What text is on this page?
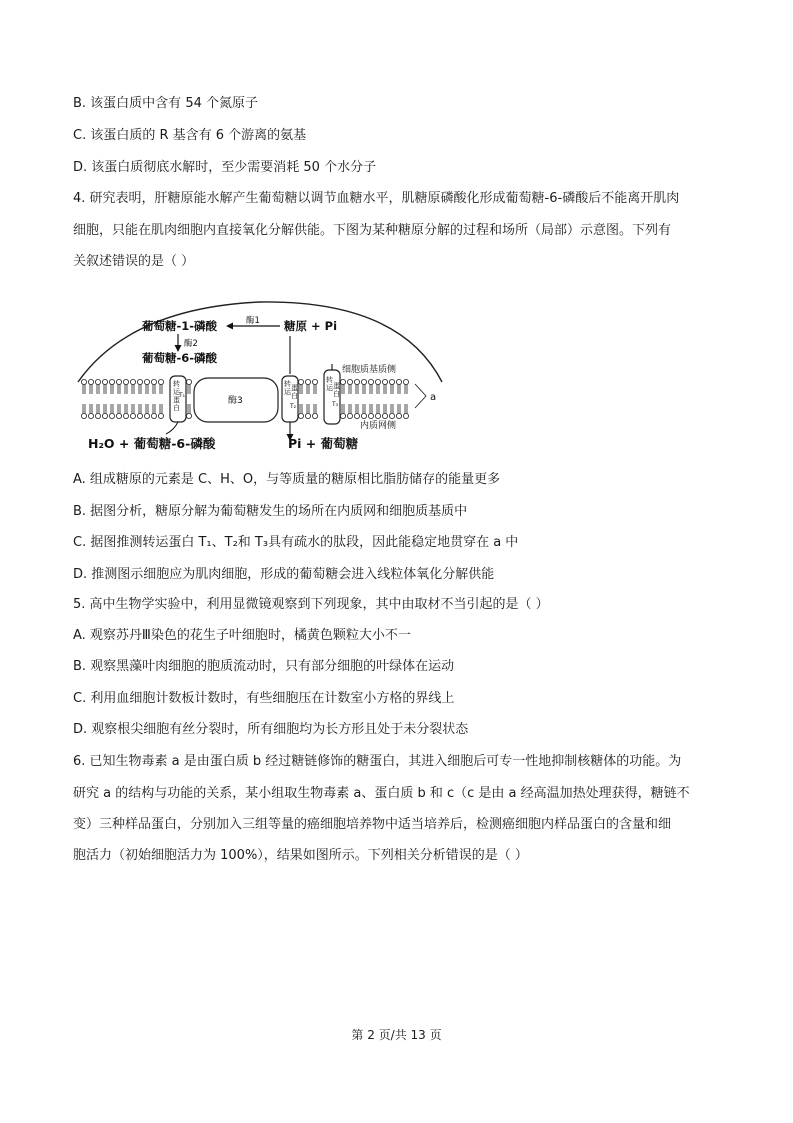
B. 该蛋白质中含有 54 个氮原子
C. 该蛋白质的 R 基含有 6 个游离的氨基
D. 该蛋白质彻底水解时，至少需要消耗 50 个水分子
4. 研究表明，肝糖原能水解产生葡萄糖以调节血糖水平，肌糖原磷酸化形成葡萄糖-6-磷酸后不能离开肌肉
细胞，只能在肌肉细胞内直接氧化分解供能。下图为某种糖原分解的过程和场所（局部）示意图。下列有
关叙述错误的是（ ）
葡萄糖-1-磷酸	酶1 糖原 + Pi
酶2
葡萄糖-6-磷酸
转
运
蛋
白
T₁
酶3
转
运 蛋
白
T₂
转
运 蛋
白
T₃
细胞质基质侧
内质网侧
a
H₂O + 葡萄糖-6-磷酸	Pi + 葡萄糖
A. 组成糖原的元素是 C、H、O，与等质量的糖原相比脂肪储存的能量更多
B. 据图分析，糖原分解为葡萄糖发生的场所在内质网和细胞质基质中
C. 据图推测转运蛋白 T₁、T₂和 T₃具有疏水的肽段，因此能稳定地贯穿在 a 中
D. 推测图示细胞应为肌肉细胞，形成的葡萄糖会进入线粒体氧化分解供能
5. 高中生物学实验中，利用显微镜观察到下列现象，其中由取材不当引起的是（ ）
A. 观察苏丹Ⅲ染色的花生子叶细胞时，橘黄色颗粒大小不一
B. 观察黑藻叶肉细胞的胞质流动时，只有部分细胞的叶绿体在运动
C. 利用血细胞计数板计数时，有些细胞压在计数室小方格的界线上
D. 观察根尖细胞有丝分裂时，所有细胞均为长方形且处于未分裂状态
6. 已知生物毒素 a 是由蛋白质 b 经过糖链修饰的糖蛋白，其进入细胞后可专一性地抑制核糖体的功能。为
研究 a 的结构与功能的关系，某小组取生物毒素 a、蛋白质 b 和 c（c 是由 a 经高温加热处理获得，糖链不
变）三种样品蛋白，分别加入三组等量的癌细胞培养物中适当培养后，检测癌细胞内样品蛋白的含量和细
胞活力（初始细胞活力为 100%），结果如图所示。下列相关分析错误的是（ ）
第 2 页/共 13 页
